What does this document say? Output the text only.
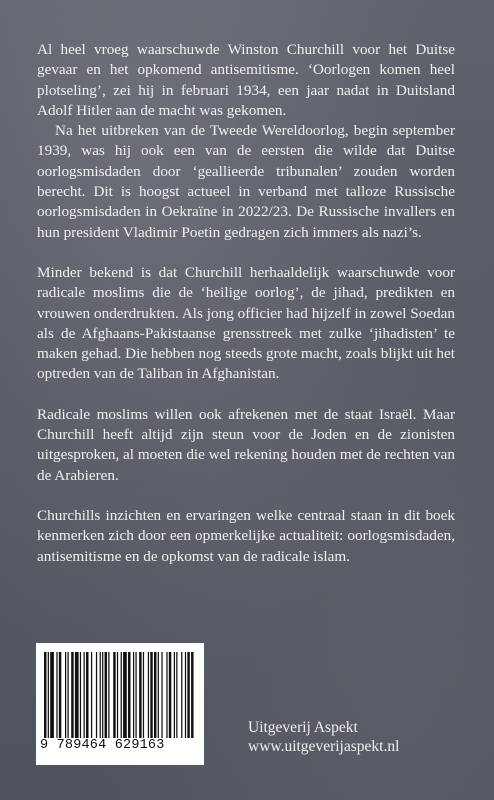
Al heel vroeg waarschuwde Winston Churchill voor het Duitse gevaar en het opkomend antisemitisme. ‘Oorlogen komen heel plotseling’, zei hij in februari 1934, een jaar nadat in Duitsland Adolf Hitler aan de macht was gekomen.

Na het uitbreken van de Tweede Wereldoorlog, begin september 1939, was hij ook een van de eersten die wilde dat Duitse oorlogsmisdaden door ‘geallieerde tribunalen’ zouden worden berecht. Dit is hoogst actueel in verband met talloze Russische oorlogsmisdaden in Oekraïne in 2022/23. De Russische invallers en hun president Vladimir Poetin gedragen zich immers als nazi’s.

Minder bekend is dat Churchill herhaaldelijk waarschuwde voor radicale moslims die de ‘heilige oorlog’, de jihad, predikten en vrouwen onderdrukten. Als jong officier had hijzelf in zowel Soedan als de Afghaans-Pakistaanse grensstreek met zulke ‘jihadisten’ te maken gehad. Die hebben nog steeds grote macht, zoals blijkt uit het optreden van de Taliban in Afghanistan.

Radicale moslims willen ook afrekenen met de staat Israël. Maar Churchill heeft altijd zijn steun voor de Joden en de zionisten uitgesproken, al moeten die wel rekening houden met de rechten van de Arabieren.

Churchills inzichten en ervaringen welke centraal staan in dit boek kenmerken zich door een opmerkelijke actualiteit: oorlogsmisdaden, antisemitisme en de opkomst van de radicale islam.

9 789464 629163
Uitgeverij Aspekt
www.uitgeverijaspekt.nl
